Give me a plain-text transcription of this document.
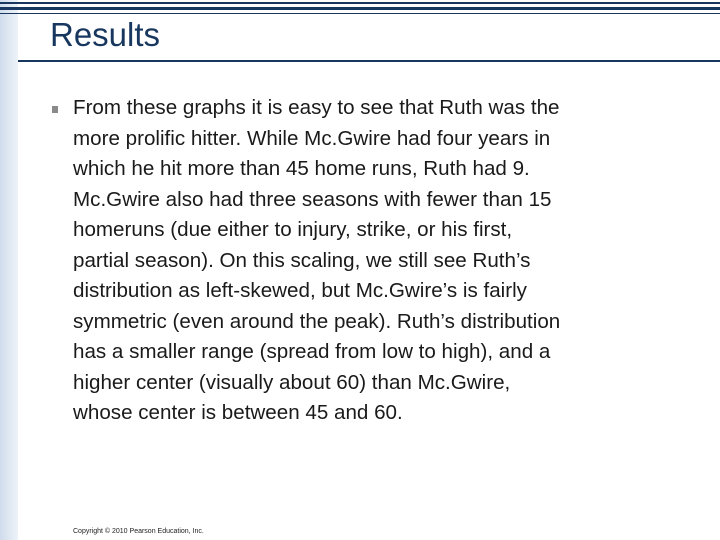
Results

From these graphs it is easy to see that Ruth was the
more prolific hitter. While Mc.Gwire had four years in
which he hit more than 45 home runs, Ruth had 9.
Mc.Gwire also had three seasons with fewer than 15
homeruns (due either to injury, strike, or his first,
partial season). On this scaling, we still see Ruth’s
distribution as left-skewed, but Mc.Gwire’s is fairly
symmetric (even around the peak). Ruth’s distribution
has a smaller range (spread from low to high), and a
higher center (visually about 60) than Mc.Gwire,
whose center is between 45 and 60.

Copyright © 2010 Pearson Education, Inc.
